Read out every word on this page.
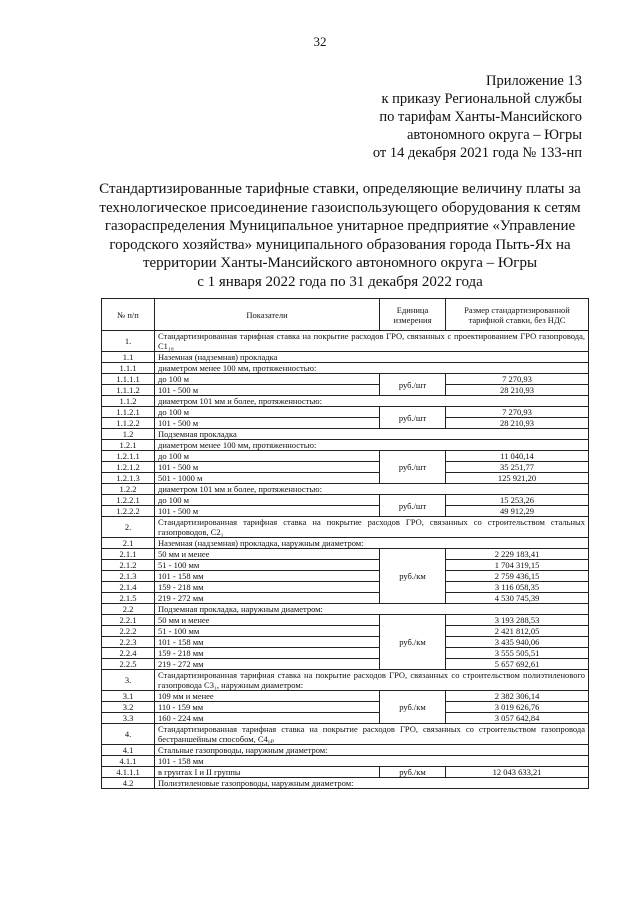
32
Приложение 13
к приказу Региональной службы
по тарифам Ханты-Мансийского
автономного округа – Югры
от 14 декабря 2021 года № 133-нп
Стандартизированные тарифные ставки, определяющие величину платы за
технологическое присоединение газоиспользующего оборудования к сетям
газораспределения Муниципальное унитарное предприятие «Управление
городского хозяйства» муниципального образования города Пыть-Ях на
территории Ханты-Мансийского автономного округа – Югры
с 1 января 2022 года по 31 декабря 2022 года
№ п/п	Показатели	Единица измерения	Размер стандартизированной тарифной ставки, без НДС
1.	Стандартизированная тарифная ставка на покрытие расходов ГРО, связанных с проектированием ГРО газопровода, C1₁₈		
1.1	Наземная (надземная) прокладка		
1.1.1	диаметром менее 100 мм, протяженностью:		
1.1.1.1	до 100 м	руб./шт	7 270,93
1.1.1.2	101 - 500 м		28 210,93
1.1.2	диаметром 101 мм и более, протяженностью:		
1.1.2.1	до 100 м	руб./шт	7 270,93
1.1.2.2	101 - 500 м		28 210,93
1.2	Подземная прокладка		
1.2.1	диаметром менее 100 мм, протяженностью:		
1.2.1.1	до 100 м	руб./шт	11 040,14
1.2.1.2	101 - 500 м		35 251,77
1.2.1.3	501 - 1000 м		125 921,20
1.2.2	диаметром 101 мм и более, протяженностью:		
1.2.2.1	до 100 м	руб./шт	15 253,26
1.2.2.2	101 - 500 м		49 912,29
2.	Стандартизированная тарифная ставка на покрытие расходов ГРО, связанных со строительством стальных газопроводов, C2₁		
2.1	Наземная (надземная) прокладка, наружным диаметром:		
2.1.1	50 мм и менее	руб./км	2 229 183,41
2.1.2	51 - 100 мм		1 704 319,15
2.1.3	101 - 158 мм		2 759 436,15
2.1.4	159 - 218 мм		3 116 058,35
2.1.5	219 - 272 мм		4 530 745,39
2.2	Подземная прокладка, наружным диаметром:		
2.2.1	50 мм и менее	руб./км	3 193 288,53
2.2.2	51 - 100 мм		2 421 812,05
2.2.3	101 - 158 мм		3 435 940,06
2.2.4	159 - 218 мм		3 555 505,51
2.2.5	219 - 272 мм		5 657 692,61
3.	Стандартизированная тарифная ставка на покрытие расходов ГРО, связанных со строительством полиэтиленового газопровода C3₁, наружным диаметром:		
3.1	109 мм и менее	руб./км	2 382 306,14
3.2	110 - 159 мм		3 019 626,76
3.3	160 - 224 мм		3 057 642,84
4.	Стандартизированная тарифная ставка на покрытие расходов ГРО, связанных со строительством газопровода бестраншейным способом, C4₀ₚ		
4.1	Стальные газопроводы, наружным диаметром:		
4.1.1	101 - 158 мм		
4.1.1.1	в грунтах I и II группы	руб./км	12 043 633,21
4.2	Полиэтиленовые газопроводы, наружным диаметром:		
